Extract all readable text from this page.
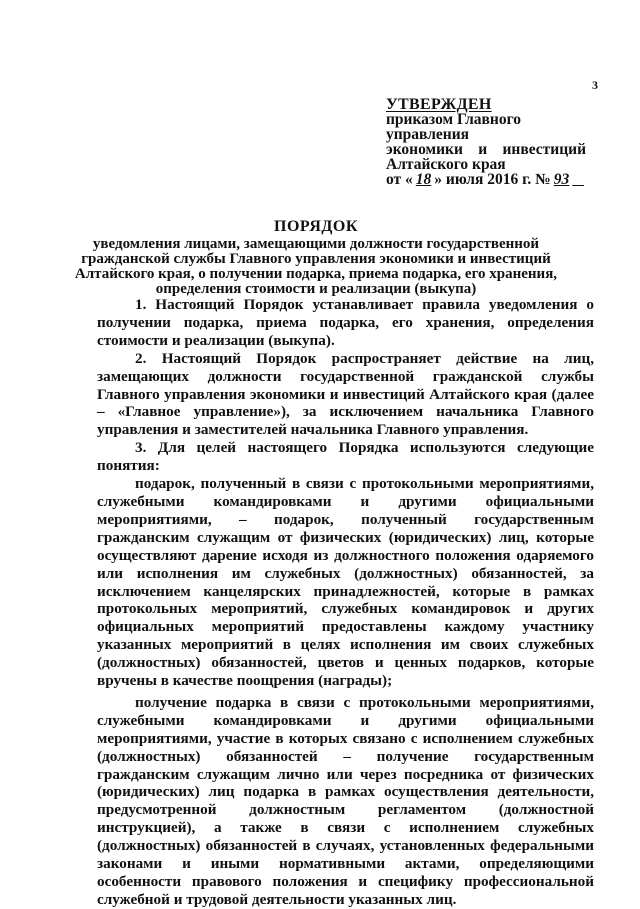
3
УТВЕРЖДЕН
приказом Главного управления
экономики и инвестиций
Алтайского края
от « 18 » июля 2016 г. № 93
ПОРЯДОК
уведомления лицами, замещающими должности государственной гражданской службы Главного управления экономики и инвестиций Алтайского края, о получении подарка, приема подарка, его хранения, определения стоимости и реализации (выкупа)

1. Настоящий Порядок устанавливает правила уведомления о получении подарка, приема подарка, его хранения, определения стоимости и реализации (выкупа).

2. Настоящий Порядок распространяет действие на лиц, замещающих должности государственной гражданской службы Главного управления экономики и инвестиций Алтайского края (далее – «Главное управление»), за исключением начальника Главного управления и заместителей начальника Главного управления.

3. Для целей настоящего Порядка используются следующие понятия:

подарок, полученный в связи с протокольными мероприятиями, служебными командировками и другими официальными мероприятиями, – подарок, полученный государственным гражданским служащим от физических (юридических) лиц, которые осуществляют дарение исходя из должностного положения одаряемого или исполнения им служебных (должностных) обязанностей, за исключением канцелярских принадлежностей, которые в рамках протокольных мероприятий, служебных командировок и других официальных мероприятий предоставлены каждому участнику указанных мероприятий в целях исполнения им своих служебных (должностных) обязанностей, цветов и ценных подарков, которые вручены в качестве поощрения (награды);

получение подарка в связи с протокольными мероприятиями, служебными командировками и другими официальными мероприятиями, участие в которых связано с исполнением служебных (должностных) обязанностей – получение государственным гражданским служащим лично или через посредника от физических (юридических) лиц подарка в рамках осуществления деятельности, предусмотренной должностным регламентом (должностной инструкцией), а также в связи с исполнением служебных (должностных) обязанностей в случаях, установленных федеральными законами и иными нормативными актами, определяющими особенности правового положения и специфику профессиональной служебной и трудовой деятельности указанных лиц.
